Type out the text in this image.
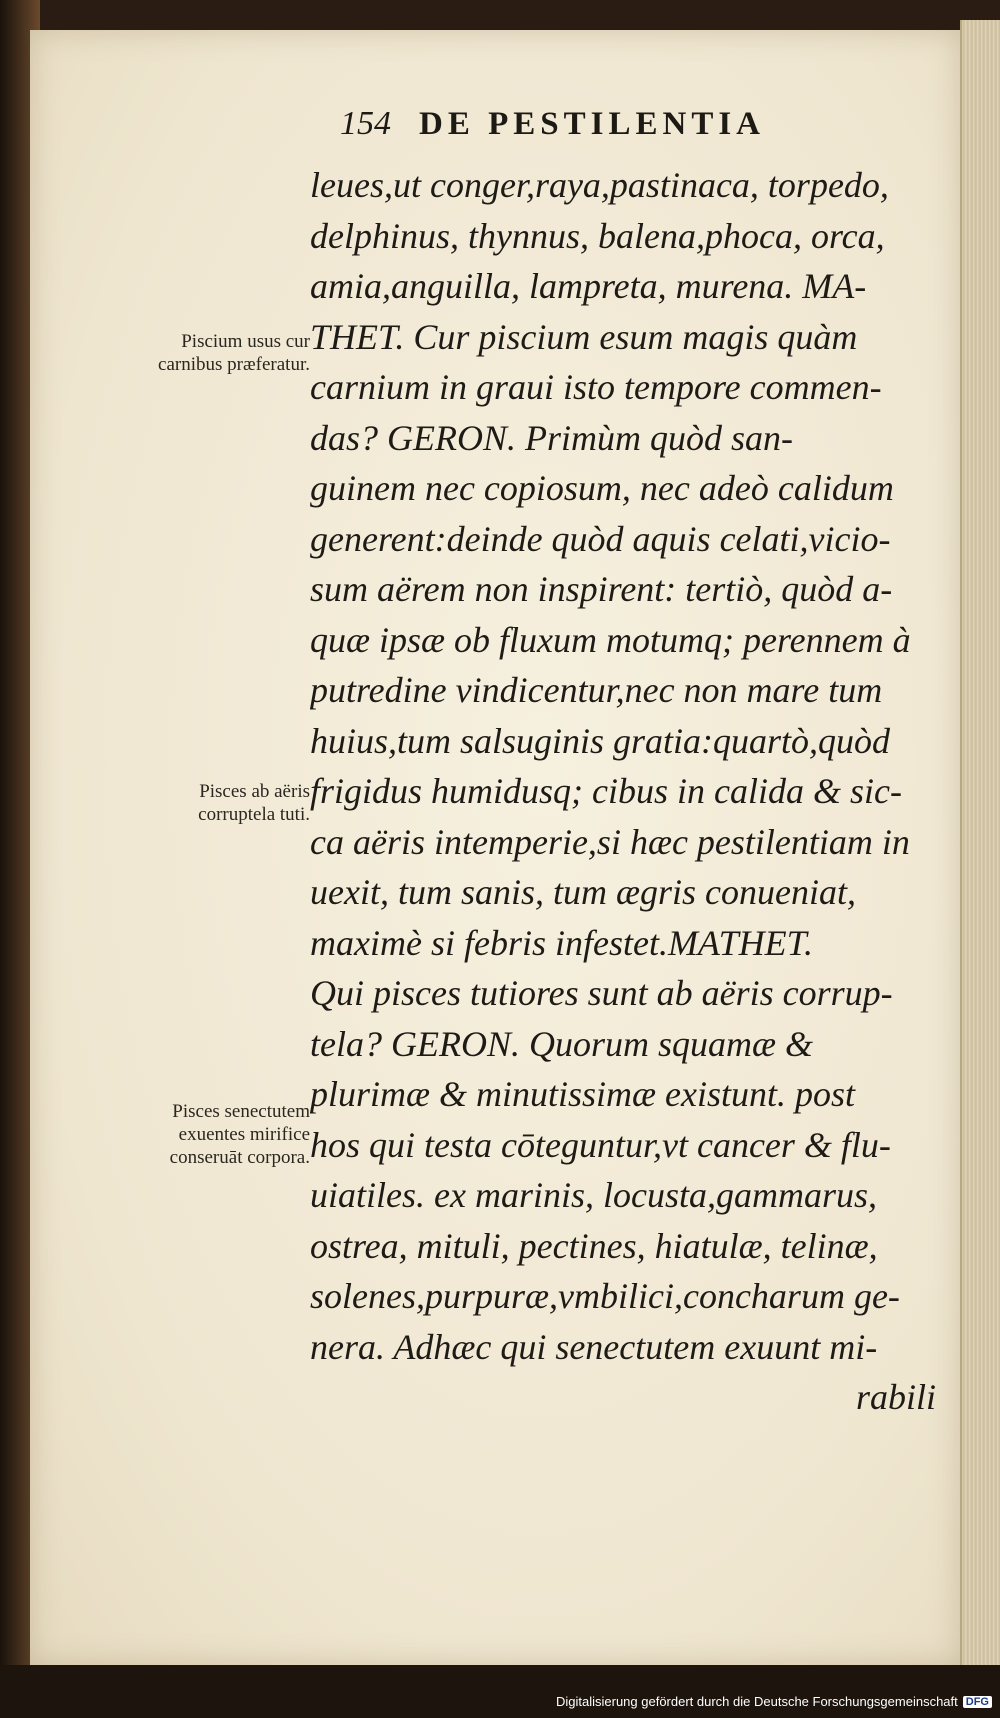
154 DE PESTILENTIA
Piscium usus cur carnibus præferatur.
Pisces ab aëris corruptela tuti.
Pisces senectutem exuentes mirifice conseruāt corpora.
leues,ut conger,raya,pastinaca, torpedo,
delphinus, thynnus, balena,phoca, orca,
amia,anguilla, lampreta, murena. MA-
THET. Cur piscium esum magis quàm
carnium in graui isto tempore commen-
das? GERON. Primùm quòd san-
guinem nec copiosum, nec adeò calidum
generent:deinde quòd aquis celati,vicio-
sum aërem non inspirent: tertiò, quòd a-
quæ ipsæ ob fluxum motumq; perennem à
putredine vindicentur,nec non mare tum
huius,tum salsuginis gratia:quartò,quòd
frigidus humidusq; cibus in calida & sic-
ca aëris intemperie,si hæc pestilentiam in
uexit, tum sanis, tum ægris conueniat,
maximè si febris infestet.MATHET.
Qui pisces tutiores sunt ab aëris corrup-
tela? GERON. Quorum squamæ &
plurimæ & minutissimæ existunt. post
hos qui testa cōteguntur,vt cancer & flu-
uiatiles. ex marinis, locusta,gammarus,
ostrea, mituli, pectines, hiatulæ, telinæ,
solenes,purpuræ,vmbilici,concharum ge-
nera. Adhæc qui senectutem exuunt mi-
rabili
Digitalisierung gefördert durch die Deutsche Forschungsgemeinschaft DFG
